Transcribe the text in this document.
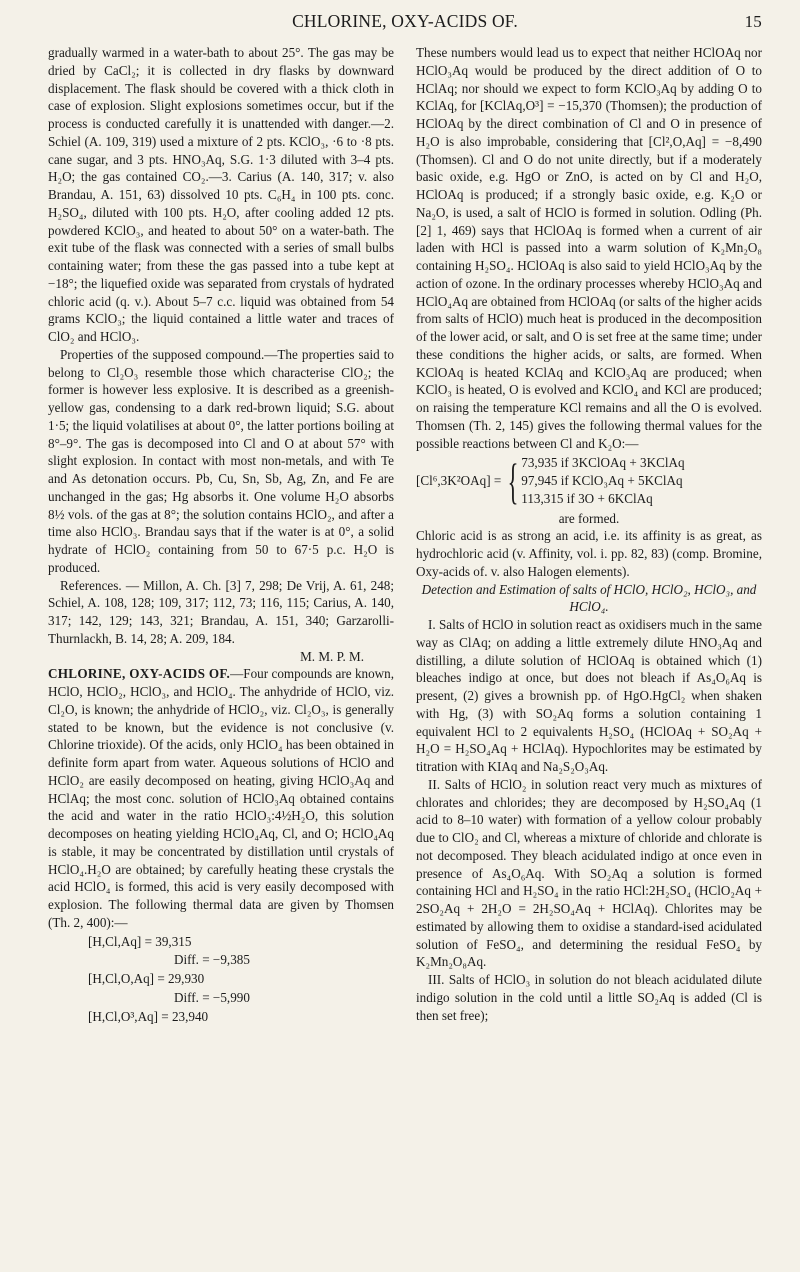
CHLORINE, OXY-ACIDS OF.	15

gradually warmed in a water-bath to about 25°. The gas may be dried by CaCl₂; it is collected in dry flasks by downward displacement. The flask should be covered with a thick cloth in case of explosion. Slight explosions sometimes occur, but if the process is conducted carefully it is unattended with danger.—2. Schiel (A. 109, 319) used a mixture of 2 pts. KClO₃, ·6 to ·8 pts. cane sugar, and 3 pts. HNO₃Aq, S.G. 1·3 diluted with 3–4 pts. H₂O; the gas contained CO₂.—3. Carius (A. 140, 317; v. also Brandau, A. 151, 63) dissolved 10 pts. C₆H₄ in 100 pts. conc. H₂SO₄, diluted with 100 pts. H₂O, after cooling added 12 pts. powdered KClO₃, and heated to about 50° on a water-bath. The exit tube of the flask was connected with a series of small bulbs containing water; from these the gas passed into a tube kept at −18°; the liquefied oxide was separated from crystals of hydrated chloric acid (q. v.). About 5–7 c.c. liquid was obtained from 54 grams KClO₃; the liquid contained a little water and traces of ClO₂ and HClO₃.

Properties of the supposed compound.—The properties said to belong to Cl₂O₃ resemble those which characterise ClO₂; the former is however less explosive. It is described as a greenish-yellow gas, condensing to a dark red-brown liquid; S.G. about 1·5; the liquid volatilises at about 0°, the latter portions boiling at 8°–9°. The gas is decomposed into Cl and O at about 57° with slight explosion. In contact with most non-metals, and with Te and As detonation occurs. Pb, Cu, Sn, Sb, Ag, Zn, and Fe are unchanged in the gas; Hg absorbs it. One volume H₂O absorbs 8½ vols. of the gas at 8°; the solution contains HClO₂, and after a time also HClO₃. Brandau says that if the water is at 0°, a solid hydrate of HClO₂ containing from 50 to 67·5 p.c. H₂O is produced.

References. — Millon, A. Ch. [3] 7, 298; De Vrij, A. 61, 248; Schiel, A. 108, 128; 109, 317; 112, 73; 116, 115; Carius, A. 140, 317; 142, 129; 143, 321; Brandau, A. 151, 340; Garzarolli-Thurnlackh, B. 14, 28; A. 209, 184.

M. M. P. M.

CHLORINE, OXY-ACIDS OF.—Four compounds are known, HClO, HClO₂, HClO₃, and HClO₄. The anhydride of HClO, viz. Cl₂O, is known; the anhydride of HClO₂, viz. Cl₂O₃, is generally stated to be known, but the evidence is not conclusive (v. Chlorine trioxide). Of the acids, only HClO₄ has been obtained in definite form apart from water. Aqueous solutions of HClO and HClO₂ are easily decomposed on heating, giving HClO₃Aq and HClAq; the most conc. solution of HClO₃Aq obtained contains the acid and water in the ratio HClO₃:4½H₂O, this solution decomposes on heating yielding HClO₄Aq, Cl, and O; HClO₄Aq is stable, it may be concentrated by distillation until crystals of HClO₄.H₂O are obtained; by carefully heating these crystals the acid HClO₄ is formed, this acid is very easily decomposed with explosion. The following thermal data are given by Thomsen (Th. 2, 400):—

[H,Cl,Aq] = 39,315
Diff. = −9,385
[H,Cl,O,Aq] = 29,930
Diff. = −5,990
[H,Cl,O³,Aq] = 23,940

These numbers would lead us to expect that neither HClOAq nor HClO₃Aq would be produced by the direct addition of O to HClAq; nor should we expect to form KClO₃Aq by adding O to KClAq, for [KClAq,O³] = −15,370 (Thomsen); the production of HClOAq by the direct combination of Cl and O in presence of H₂O is also improbable, considering that [Cl²,O,Aq] = −8,490 (Thomsen). Cl and O do not unite directly, but if a moderately basic oxide, e.g. HgO or ZnO, is acted on by Cl and H₂O, HClOAq is produced; if a strongly basic oxide, e.g. K₂O or Na₂O, is used, a salt of HClO is formed in solution. Odling (Ph. [2] 1, 469) says that HClOAq is formed when a current of air laden with HCl is passed into a warm solution of K₂Mn₂O₈ containing H₂SO₄. HClOAq is also said to yield HClO₃Aq by the action of ozone. In the ordinary processes whereby HClO₃Aq and HClO₄Aq are obtained from HClOAq (or salts of the higher acids from salts of HClO) much heat is produced in the decomposition of the lower acid, or salt, and O is set free at the same time; under these conditions the higher acids, or salts, are formed. When KClOAq is heated KClAq and KClO₃Aq are produced; when KClO₃ is heated, O is evolved and KClO₄ and KCl are produced; on raising the temperature KCl remains and all the O is evolved. Thomsen (Th. 2, 145) gives the following thermal values for the possible reactions between Cl and K₂O:—

[Cl⁶,3K²OAq] = { 73,935 if 3KClOAq + 3KClAq
97,945 if KClO₃Aq + 5KClAq
113,315 if 3O + 6KClAq
are formed.

Chloric acid is as strong an acid, i.e. its affinity is as great, as hydrochloric acid (v. Affinity, vol. i. pp. 82, 83) (comp. Bromine, Oxy-acids of. v. also Halogen elements).

Detection and Estimation of salts of HClO, HClO₂, HClO₃, and HClO₄.

I. Salts of HClO in solution react as oxidisers much in the same way as ClAq; on adding a little extremely dilute HNO₃Aq and distilling, a dilute solution of HClOAq is obtained which (1) bleaches indigo at once, but does not bleach if As₄O₆Aq is present, (2) gives a brownish pp. of HgO.HgCl₂ when shaken with Hg, (3) with SO₂Aq forms a solution containing 1 equivalent HCl to 2 equivalents H₂SO₄ (HClOAq + SO₂Aq + H₂O = H₂SO₄Aq + HClAq). Hypochlorites may be estimated by titration with KIAq and Na₂S₂O₃Aq.

II. Salts of HClO₂ in solution react very much as mixtures of chlorates and chlorides; they are decomposed by H₂SO₄Aq (1 acid to 8–10 water) with formation of a yellow colour probably due to ClO₂ and Cl, whereas a mixture of chloride and chlorate is not decomposed. They bleach acidulated indigo at once even in presence of As₄O₆Aq. With SO₂Aq a solution is formed containing HCl and H₂SO₄ in the ratio HCl:2H₂SO₄ (HClO₂Aq + 2SO₂Aq + 2H₂O = 2H₂SO₄Aq + HClAq). Chlorites may be estimated by allowing them to oxidise a standard-ised acidulated solution of FeSO₄, and determining the residual FeSO₄ by K₂Mn₂O₈Aq.

III. Salts of HClO₃ in solution do not bleach acidulated dilute indigo solution in the cold until a little SO₂Aq is added (Cl is then set free);
